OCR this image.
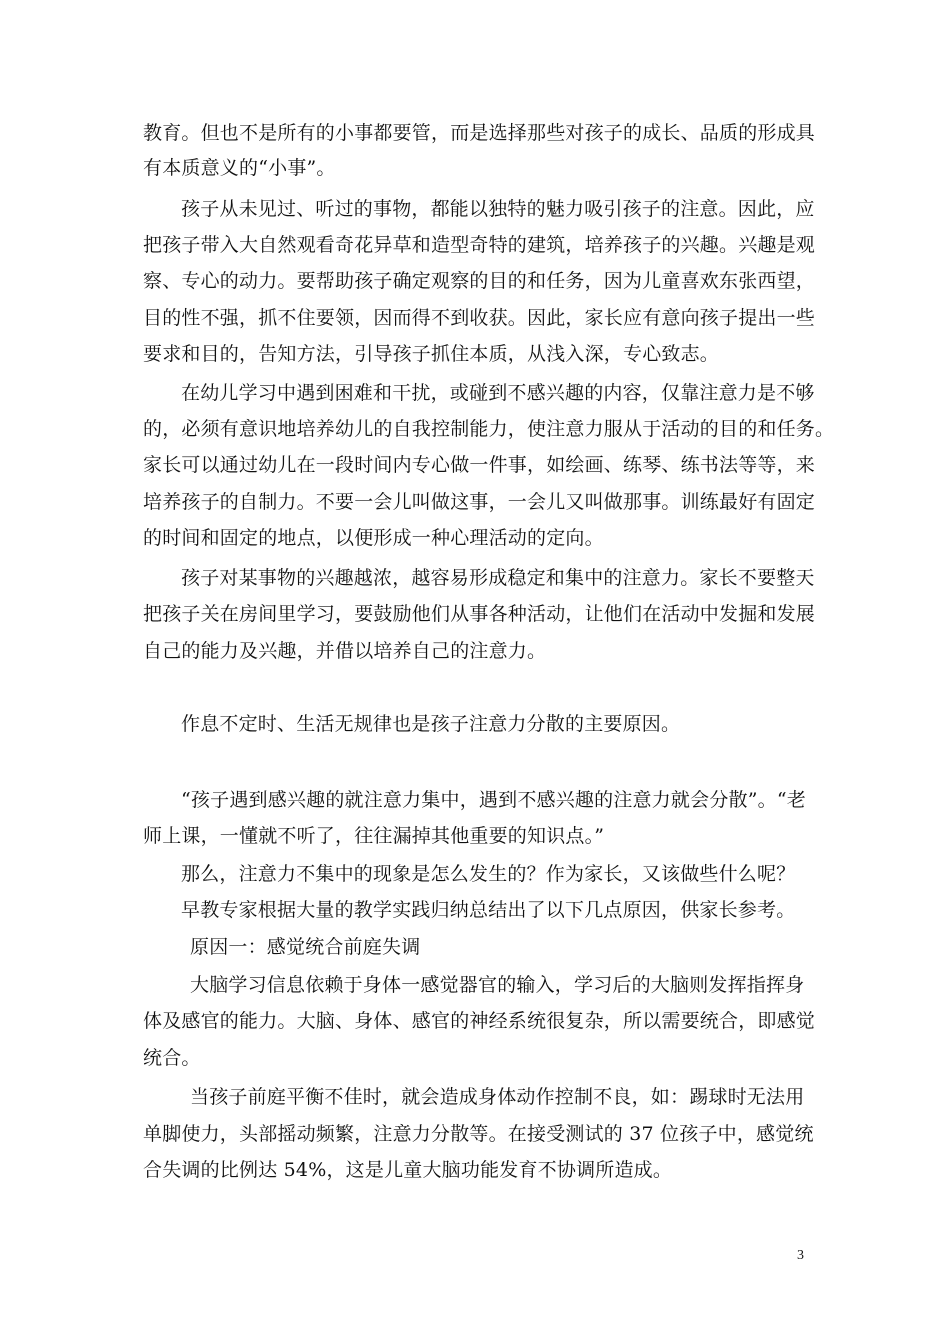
教育。但也不是所有的小事都要管，而是选择那些对孩子的成长、品质的形成具
有本质意义的“小事”。
孩子从未见过、听过的事物，都能以独特的魅力吸引孩子的注意。因此，应
把孩子带入大自然观看奇花异草和造型奇特的建筑，培养孩子的兴趣。兴趣是观
察、专心的动力。要帮助孩子确定观察的目的和任务，因为儿童喜欢东张西望，
目的性不强，抓不住要领，因而得不到收获。因此，家长应有意向孩子提出一些
要求和目的，告知方法，引导孩子抓住本质，从浅入深，专心致志。
在幼儿学习中遇到困难和干扰，或碰到不感兴趣的内容，仅靠注意力是不够
的，必须有意识地培养幼儿的自我控制能力，使注意力服从于活动的目的和任务。
家长可以通过幼儿在一段时间内专心做一件事，如绘画、练琴、练书法等等，来
培养孩子的自制力。不要一会儿叫做这事，一会儿又叫做那事。训练最好有固定
的时间和固定的地点，以便形成一种心理活动的定向。
孩子对某事物的兴趣越浓，越容易形成稳定和集中的注意力。家长不要整天
把孩子关在房间里学习，要鼓励他们从事各种活动，让他们在活动中发掘和发展
自己的能力及兴趣，并借以培养自己的注意力。
作息不定时、生活无规律也是孩子注意力分散的主要原因。
“孩子遇到感兴趣的就注意力集中，遇到不感兴趣的注意力就会分散”。“老
师上课，一懂就不听了，往往漏掉其他重要的知识点。”
那么，注意力不集中的现象是怎么发生的？作为家长，又该做些什么呢？
早教专家根据大量的教学实践归纳总结出了以下几点原因，供家长参考。
原因一：感觉统合前庭失调
大脑学习信息依赖于身体一感觉器官的输入，学习后的大脑则发挥指挥身
体及感官的能力。大脑、身体、感官的神经系统很复杂，所以需要统合，即感觉
统合。
当孩子前庭平衡不佳时，就会造成身体动作控制不良，如：踢球时无法用
单脚使力，头部摇动频繁，注意力分散等。在接受测试的 37 位孩子中，感觉统
合失调的比例达 54%，这是儿童大脑功能发育不协调所造成。
3
